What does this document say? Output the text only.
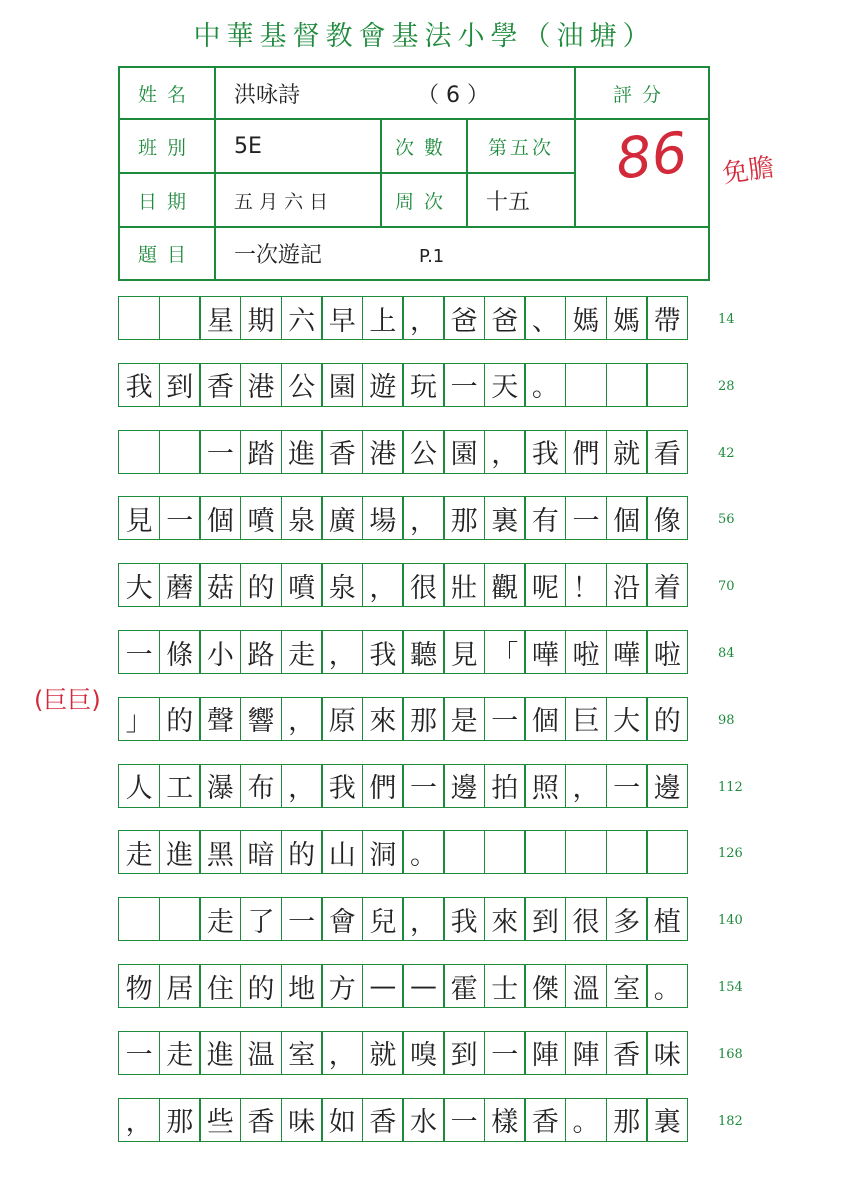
中華基督教會基法小學（油塘）
姓名	洪咏詩 （ 6 ）			評分
班別	5E	次數	第五次	86

日期	五 月 六 日	周次	十五	
題目	一次遊記 P.1			
免膽
(巨巨)
星 期 六 早 上 ， 爸 爸 、 媽 媽 帶	14
我 到 香 港 公 園 遊 玩 一 天 。	28
一 踏 進 香 港 公 園 ， 我 們 就 看	42
見 一 個 噴 泉 廣 場 ， 那 裏 有 一 個 像	56
大 蘑 菇 的 噴 泉 ， 很 壯 觀 呢 ！ 沿 着	70
一 條 小 路 走 ， 我 聽 見 「 嘩 啦 嘩 啦	84
」 的 聲 響 ， 原 來 那 是 一 個 巨 大 的	98
人 工 瀑 布 ， 我 們 一 邊 拍 照 ， 一 邊	112
走 進 黑 暗 的 山 洞 。	126
走 了 一 會 兒 ， 我 來 到 很 多 植	140
物 居 住 的 地 方 — — 霍 士 傑 溫 室 。	154
一 走 進 温 室 ， 就 嗅 到 一 陣 陣 香 味	168
， 那 些 香 味 如 香 水 一 樣 香 。 那 裏	182
